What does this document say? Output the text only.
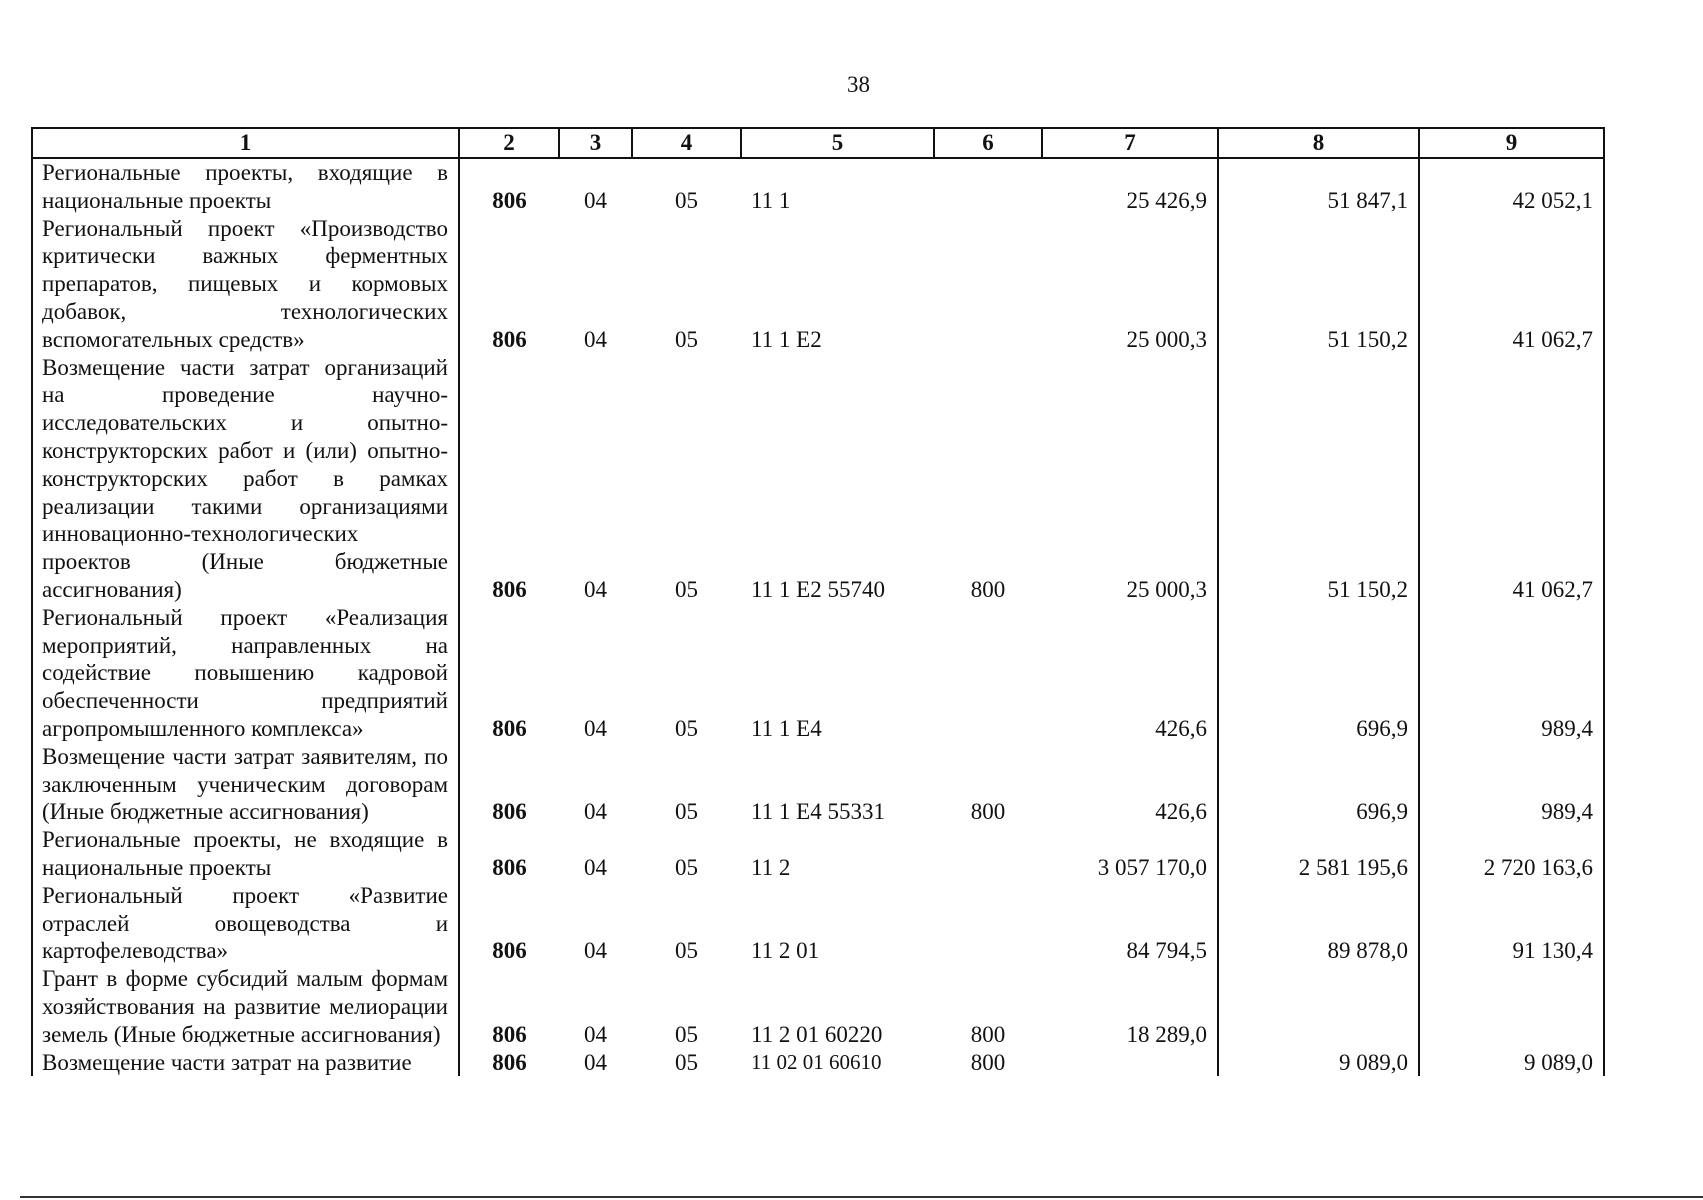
38
1	2	3	4	5	6	7	8	9
Региональные проекты, входящие в национальные проекты	806	04	05	11 1		25 426,9	51 847,1	42 052,1
Региональный проект «Производство критически важных ферментных препаратов, пищевых и кормовых добавок, технологических вспомогательных средств»	806	04	05	11 1 E2		25 000,3	51 150,2	41 062,7
Возмещение части затрат организаций на проведение научно-исследовательских и опытно-конструкторских работ и (или) опытно-конструкторских работ в рамках реализации такими организациями инновационно-технологических проектов (Иные бюджетные ассигнования)	806	04	05	11 1 E2 55740	800	25 000,3	51 150,2	41 062,7
Региональный проект «Реализация мероприятий, направленных на содействие повышению кадровой обеспеченности предприятий агропромышленного комплекса»	806	04	05	11 1 E4		426,6	696,9	989,4
Возмещение части затрат заявителям, по заключенным ученическим договорам (Иные бюджетные ассигнования)	806	04	05	11 1 E4 55331	800	426,6	696,9	989,4
Региональные проекты, не входящие в национальные проекты	806	04	05	11 2		3 057 170,0	2 581 195,6	2 720 163,6
Региональный проект «Развитие отраслей овощеводства и картофелеводства»	806	04	05	11 2 01		84 794,5	89 878,0	91 130,4
Грант в форме субсидий малым формам хозяйствования на развитие мелиорации земель (Иные бюджетные ассигнования)	806	04	05	11 2 01 60220	800	18 289,0		
Возмещение части затрат на развитие	806	04	05	11 02 01 60610	800		9 089,0	9 089,0
